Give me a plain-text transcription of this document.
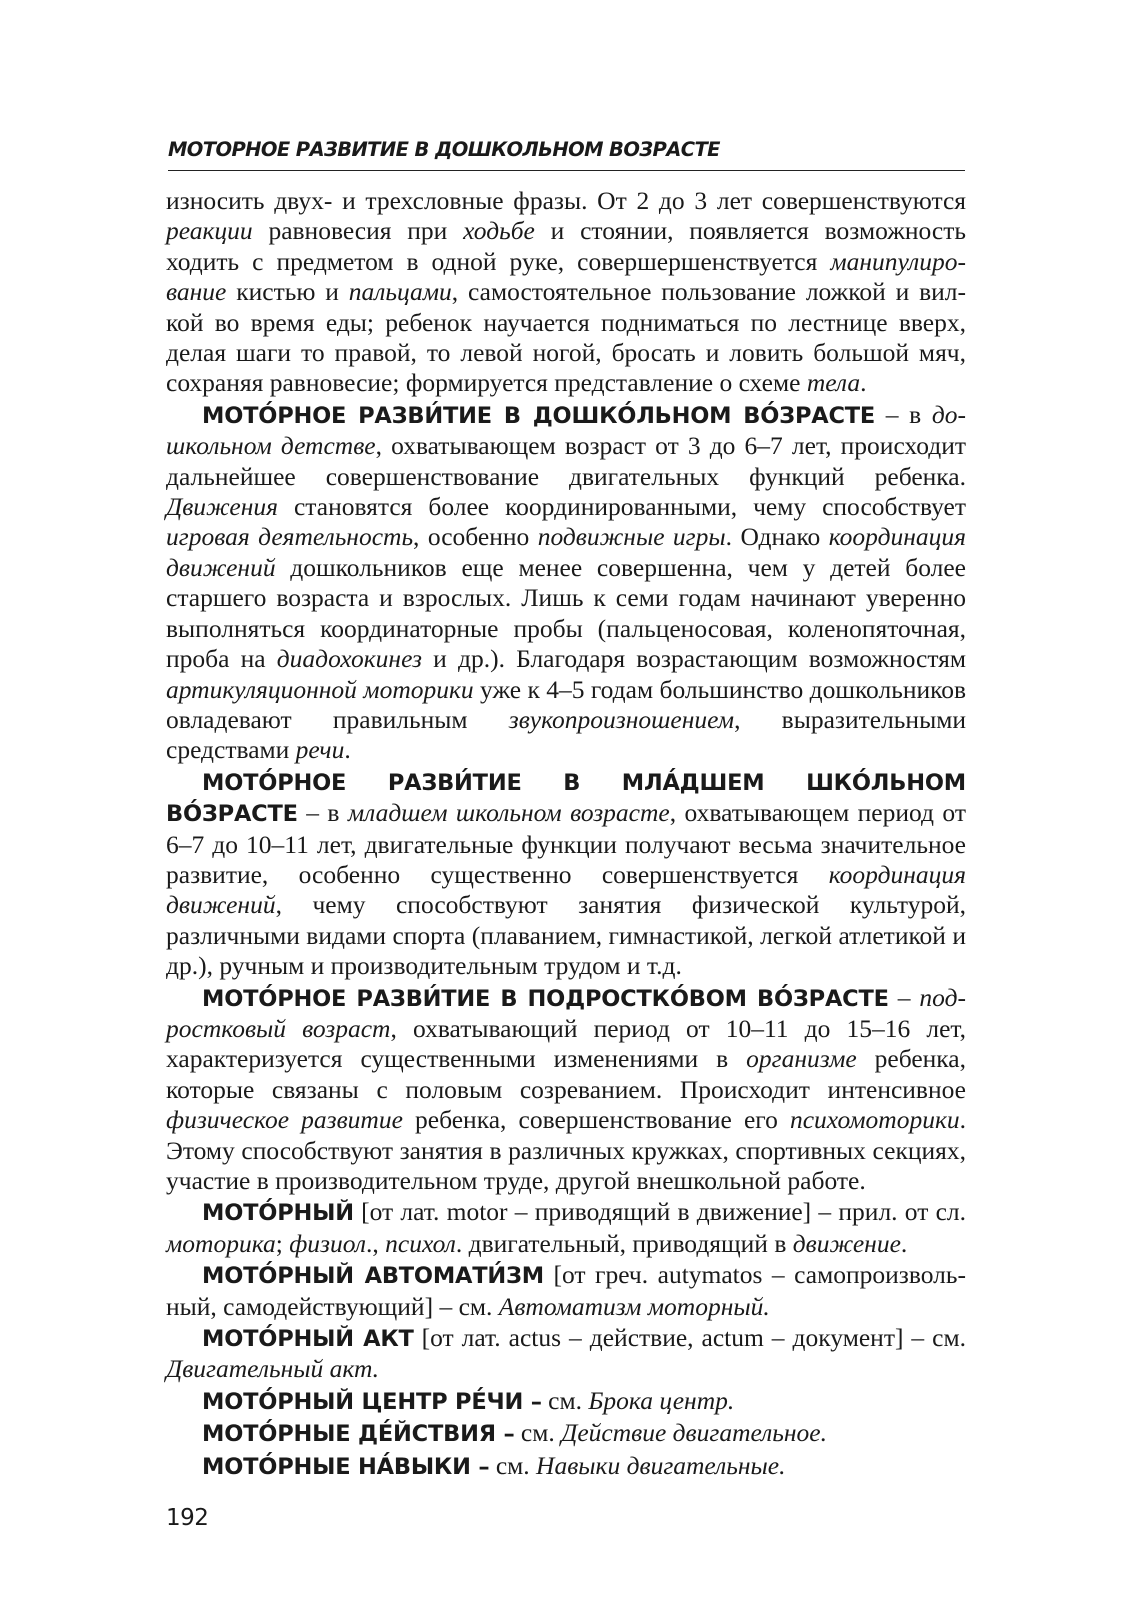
МОТОРНОЕ РАЗВИТИЕ В ДОШКОЛЬНОМ ВОЗРАСТЕ

износить двух- и трехсловные фразы. От 2 до 3 лет совершенствуются реакции равновесия при ходьбе и стоянии, появляется возможность ходить с предметом в одной руке, совершершенствуется манипулирование кистью и пальцами, самостоятельное пользование ложкой и вилкой во время еды; ребенок научается подниматься по лестнице вверх, делая шаги то правой, то левой ногой, бросать и ловить большой мяч, сохраняя равновесие; формируется представление о схеме тела.

МОТО́РНОЕ РАЗВИ́ТИЕ В ДОШКО́ЛЬНОМ ВО́ЗРАСТЕ – в дошкольном детстве, охватывающем возраст от 3 до 6–7 лет, происходит дальнейшее совершенствование двигательных функций ребенка. Движения становятся более координированными, чему способствует игровая деятельность, особенно подвижные игры. Однако координация движений дошкольников еще менее совершенна, чем у детей более старшего возраста и взрослых. Лишь к семи годам начинают уверенно выполняться координаторные пробы (пальценосовая, коленопяточная, проба на диадохокинез и др.). Благодаря возрастающим возможностям артикуляционной моторики уже к 4–5 годам большинство дошкольников овладевают правильным звукопроизношением, выразительными средствами речи.

МОТО́РНОЕ РАЗВИ́ТИЕ В МЛА́ДШЕМ ШКО́ЛЬНОМ ВО́ЗРАСТЕ – в младшем школьном возрасте, охватывающем период от 6–7 до 10–11 лет, двигательные функции получают весьма значительное развитие, особенно существенно совершенствуется координация движений, чему способствуют занятия физической культурой, различными видами спорта (плаванием, гимнастикой, легкой атлетикой и др.), ручным и производительным трудом и т.д.

МОТО́РНОЕ РАЗВИ́ТИЕ В ПОДРОСТКО́ВОМ ВО́ЗРАСТЕ – подростковый возраст, охватывающий период от 10–11 до 15–16 лет, характеризуется существенными изменениями в организме ребенка, которые связаны с половым созреванием. Происходит интенсивное физическое развитие ребенка, совершенствование его психомоторики. Этому способствуют занятия в различных кружках, спортивных секциях, участие в производительном труде, другой внешкольной работе.

МОТО́РНЫЙ [от лат. motor – приводящий в движение] – прил. от сл. моторика; физиол., психол. двигательный, приводящий в движение.

МОТО́РНЫЙ АВТОМАТИ́ЗМ [от греч. autymatos – самопроизвольный, самодействующий] – см. Автоматизм моторный.

МОТО́РНЫЙ АКТ [от лат. actus – действие, actum – документ] – см. Двигательный акт.

МОТО́РНЫЙ ЦЕНТР РЕ́ЧИ – см. Брока центр.

МОТО́РНЫЕ ДЕ́ЙСТВИЯ – см. Действие двигательное.

МОТО́РНЫЕ НА́ВЫКИ – см. Навыки двигательные.

192
